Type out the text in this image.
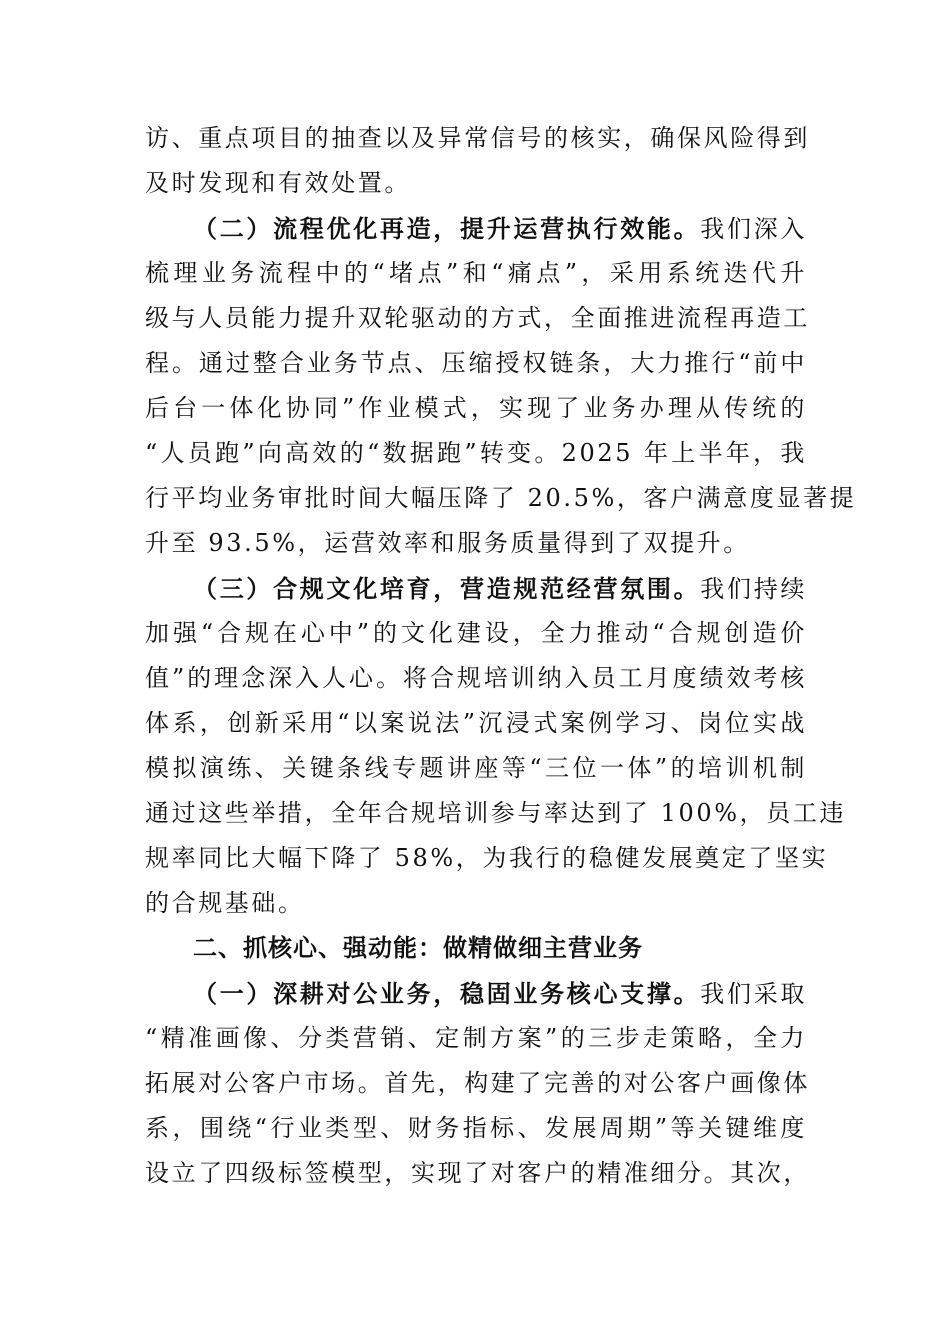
访、重点项目的抽查以及异常信号的核实，确保风险得到
及时发现和有效处置。
（二）流程优化再造，提升运营执行效能。我们深入
梳理业务流程中的“堵点”和“痛点”，采用系统迭代升
级与人员能力提升双轮驱动的方式，全面推进流程再造工
程。通过整合业务节点、压缩授权链条，大力推行“前中
后台一体化协同”作业模式，实现了业务办理从传统的
“人员跑”向高效的“数据跑”转变。2025 年上半年，我
行平均业务审批时间大幅压降了 20.5%，客户满意度显著提
升至 93.5%，运营效率和服务质量得到了双提升。
（三）合规文化培育，营造规范经营氛围。我们持续
加强“合规在心中”的文化建设，全力推动“合规创造价
值”的理念深入人心。将合规培训纳入员工月度绩效考核
体系，创新采用“以案说法”沉浸式案例学习、岗位实战
模拟演练、关键条线专题讲座等“三位一体”的培训机制
通过这些举措，全年合规培训参与率达到了 100%，员工违
规率同比大幅下降了 58%，为我行的稳健发展奠定了坚实
的合规基础。
二、抓核心、强动能：做精做细主营业务
（一）深耕对公业务，稳固业务核心支撑。我们采取
“精准画像、分类营销、定制方案”的三步走策略，全力
拓展对公客户市场。首先，构建了完善的对公客户画像体
系，围绕“行业类型、财务指标、发展周期”等关键维度
设立了四级标签模型，实现了对客户的精准细分。其次，
